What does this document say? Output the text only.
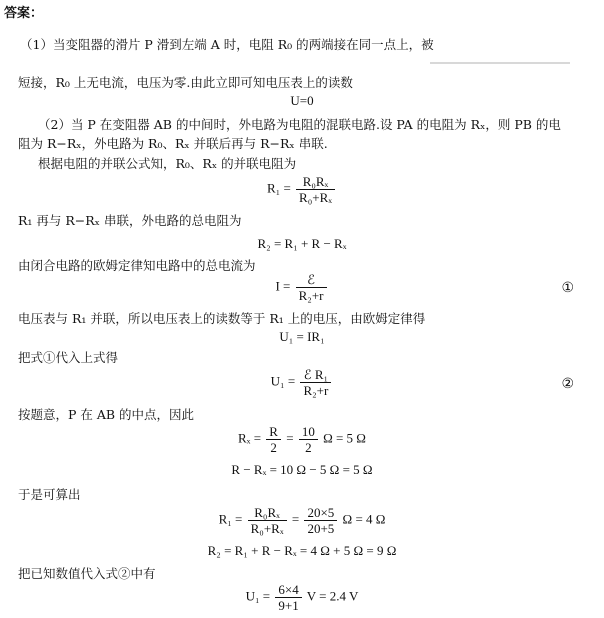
答案：
（1）当变阻器的滑片 P 滑到左端 A 时，电阻 R₀ 的两端接在同一点上，被
短接，R₀ 上无电流，电压为零.由此立即可知电压表上的读数
U=0
（2）当 P 在变阻器 AB 的中间时，外电路为电阻的混联电路.设 PA 的电阻为 Rₓ，则 PB 的电
阻为 R−Rₓ，外电路为 R₀、Rₓ 并联后再与 R−Rₓ 串联.
根据电阻的并联公式知，R₀、Rₓ 的并联电阻为
$R_1 = \frac{\text{R₀Rₓ}}{\text{R₀+Rₓ}}$
R₁ 再与 R−Rₓ 串联，外电路的总电阻为
R₂ = R₁ + R − Rₓ
由闭合电路的欧姆定律知电路中的总电流为
$I = \frac{\text{ℰ}}{\text{R₂+r}}$	①
电压表与 R₁ 并联，所以电压表上的读数等于 R₁ 上的电压，由欧姆定律得
U₁ = IR₁
把式①代入上式得
$U_1 = \frac{\text{ℰ R₁}}{\text{R₂+r}}$	②
按题意，P 在 AB 的中点，因此
$R_x = \frac{R}{2} = \frac{10}{2}$ Ω = 5 Ω
R − Rₓ = 10 Ω − 5 Ω = 5 Ω
于是可算出
$R_1 = \frac{\text{R₀Rₓ}}{\text{R₀+Rₓ}} = \frac{20\times 5}{20+5}$ Ω = 4 Ω
R₂ = R₁ + R − Rₓ = 4 Ω + 5 Ω = 9 Ω
把已知数值代入式②中有
$U_1 = \frac{6\times 4}{9+1}$ V = 2.4 V
